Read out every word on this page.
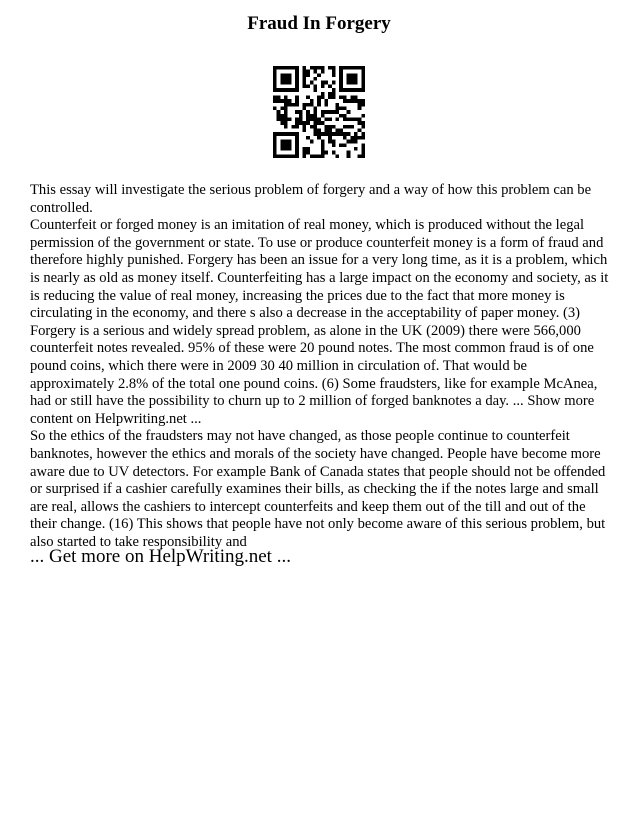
Fraud In Forgery

This essay will investigate the serious problem of forgery and a way of how this problem can be controlled.

Counterfeit or forged money is an imitation of real money, which is produced without the legal permission of the government or state. To use or produce counterfeit money is a form of fraud and therefore highly punished. Forgery has been an issue for a very long time, as it is a problem, which is nearly as old as money itself. Counterfeiting has a large impact on the economy and society, as it is reducing the value of real money, increasing the prices due to the fact that more money is circulating in the economy, and there s also a decrease in the acceptability of paper money. (3)

Forgery is a serious and widely spread problem, as alone in the UK (2009) there were 566,000 counterfeit notes revealed. 95% of these were 20 pound notes. The most common fraud is of one pound coins, which there were in 2009 30 40 million in circulation of. That would be approximately 2.8% of the total one pound coins. (6) Some fraudsters, like for example McAnea, had or still have the possibility to churn up to 2 million of forged banknotes a day. ... Show more content on Helpwriting.net ...

So the ethics of the fraudsters may not have changed, as those people continue to counterfeit banknotes, however the ethics and morals of the society have changed. People have become more aware due to UV detectors. For example Bank of Canada states that people should not be offended or surprised if a cashier carefully examines their bills, as checking the if the notes large and small are real, allows the cashiers to intercept counterfeits and keep them out of the till and out of the their change. (16) This shows that people have not only become aware of this serious problem, but also started to take responsibility and

... Get more on HelpWriting.net ...
